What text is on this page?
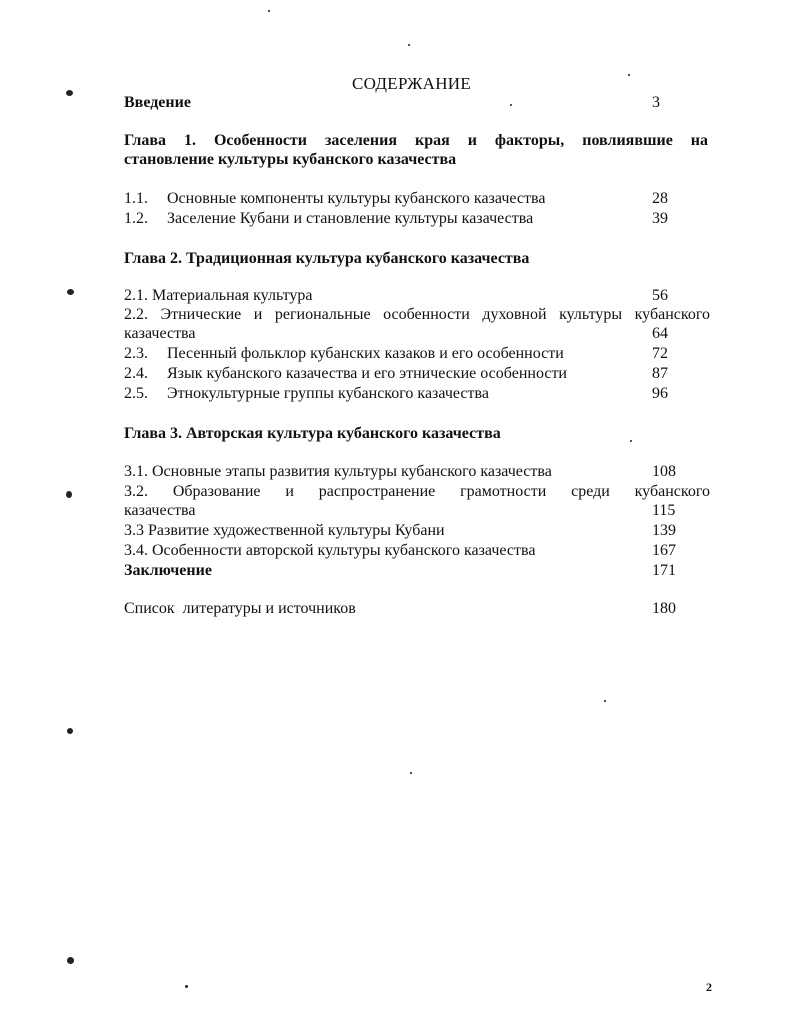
СОДЕРЖАНИЕ
Введение	3
Глава 1. Особенности заселения края и факторы, повлиявшие на
становление культуры кубанского казачества
1.1. Основные компоненты культуры кубанского казачества	28
1.2. Заселение Кубани и становление культуры казачества	39
Глава 2. Традиционная культура кубанского казачества
2.1. Материальная культура	56
2.2. Этнические и региональные особенности духовной культуры кубанского
казачества	64
2.3. Песенный фольклор кубанских казаков и его особенности	72
2.4. Язык кубанского казачества и его этнические особенности	87
2.5. Этнокультурные группы кубанского казачества	96
Глава 3. Авторская культура кубанского казачества
3.1. Основные этапы развития культуры кубанского казачества	108
3.2. Образование и распространение грамотности среди кубанского
казачества	115
3.3 Развитие художественной культуры Кубани	139
3.4. Особенности авторской культуры кубанского казачества	167
Заключение	171
Список  литературы и источников	180
2
